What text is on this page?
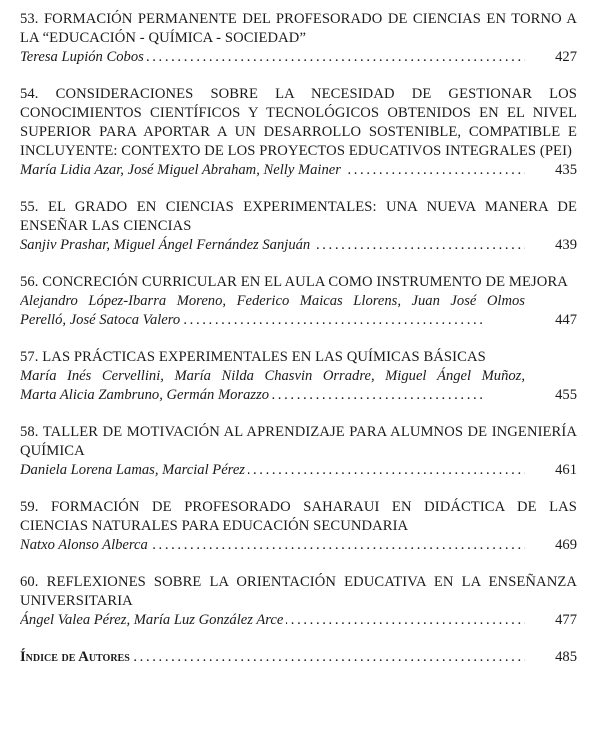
53. FORMACIÓN PERMANENTE DEL PROFESORADO DE CIENCIAS EN TORNO A LA “EDUCACIÓN - QUÍMICA - SOCIEDAD”
Teresa Lupión Cobos . . .	427
54. CONSIDERACIONES SOBRE LA NECESIDAD DE GESTIONAR LOS CONOCIMIENTOS CIENTÍFICOS Y TECNOLÓGICOS OBTENIDOS EN EL NIVEL SUPERIOR PARA APORTAR A UN DESARROLLO SOSTENIBLE, COMPATIBLE E INCLUYENTE: CONTEXTO DE LOS PROYECTOS EDUCATIVOS INTEGRALES (PEI)
María Lidia Azar, José Miguel Abraham, Nelly Mainer . . .	435
55. EL GRADO EN CIENCIAS EXPERIMENTALES: UNA NUEVA MANERA DE ENSEÑAR LAS CIENCIAS
Sanjiv Prashar, Miguel Ángel Fernández Sanjuán . . .	439
56. CONCRECIÓN CURRICULAR EN EL AULA COMO INSTRUMENTO DE MEJORA
Alejandro López-Ibarra Moreno, Federico Maicas Llorens, Juan José Olmos
Perelló, José Satoca Valero . . .	447
57. LAS PRÁCTICAS EXPERIMENTALES EN LAS QUÍMICAS BÁSICAS
María Inés Cervellini, María Nilda Chasvin Orradre, Miguel Ángel Muñoz,
Marta Alicia Zambruno, Germán Morazzo . . .	455
58. TALLER DE MOTIVACIÓN AL APRENDIZAJE PARA ALUMNOS DE INGENIERÍA QUÍMICA
Daniela Lorena Lamas, Marcial Pérez . . .	461
59. FORMACIÓN DE PROFESORADO SAHARAUI EN DIDÁCTICA DE LAS CIENCIAS NATURALES PARA EDUCACIÓN SECUNDARIA
Natxo Alonso Alberca . . .	469
60. REFLEXIONES SOBRE LA ORIENTACIÓN EDUCATIVA EN LA ENSEÑANZA UNIVERSITARIA
Ángel Valea Pérez, María Luz González Arce . . .	477
Índice de Autores . . .	485
